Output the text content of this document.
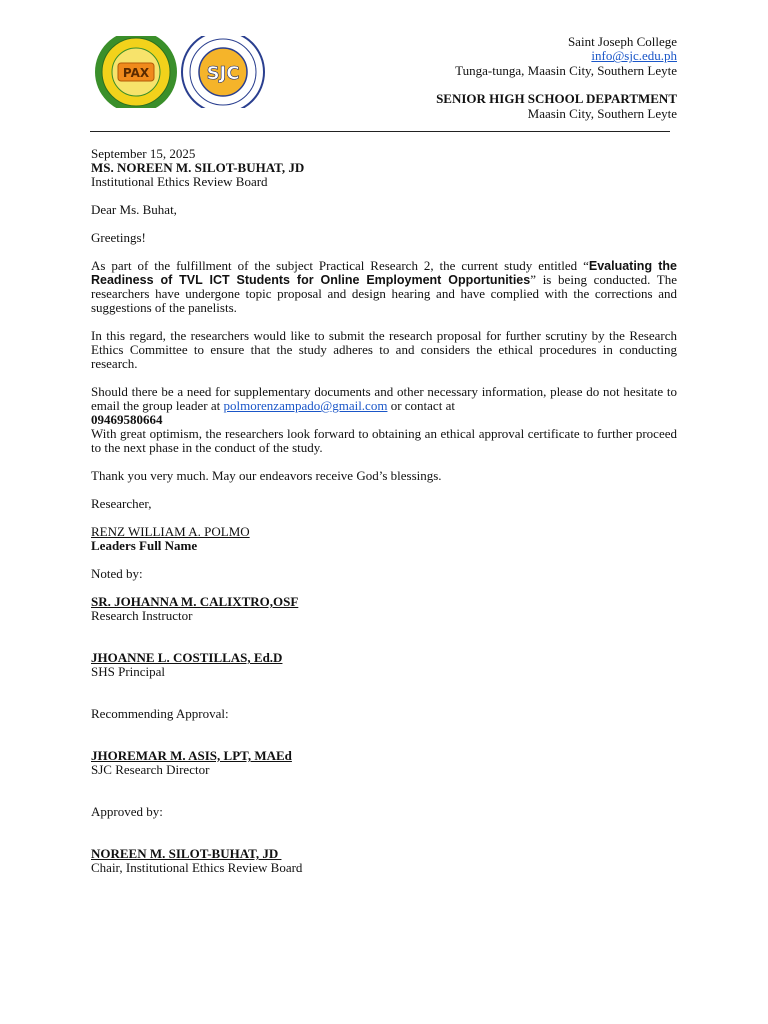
PAX	SJC
Saint Joseph College
info@sjc.edu.ph
Tunga-tunga, Maasin City, Southern Leyte
SENIOR HIGH SCHOOL DEPARTMENT
Maasin City, Southern Leyte

September 15, 2025

MS. NOREEN M. SILOT-BUHAT, JD

Institutional Ethics Review Board

Dear Ms. Buhat,

Greetings!

As part of the fulfillment of the subject Practical Research 2, the current study entitled “Evaluating the Readiness of TVL ICT Students for Online Employment Opportunities” is being conducted. The researchers have undergone topic proposal and design hearing and have complied with the corrections and suggestions of the panelists.

In this regard, the researchers would like to submit the research proposal for further scrutiny by the Research Ethics Committee to ensure that the study adheres to and considers the ethical procedures in conducting research.

Should there be a need for supplementary documents and other necessary information, please do not hesitate to email the group leader at polmorenzampado@gmail.com or contact at

09469580664

With great optimism, the researchers look forward to obtaining an ethical approval certificate to further proceed to the next phase in the conduct of the study.

Thank you very much. May our endeavors receive God’s blessings.

Researcher,

RENZ WILLIAM A. POLMO

Leaders Full Name

Noted by:

SR. JOHANNA M. CALIXTRO,OSF

Research Instructor

JHOANNE L. COSTILLAS, Ed.D

SHS Principal

Recommending Approval:

JHOREMAR M. ASIS, LPT, MAEd

SJC Research Director

Approved by:

NOREEN M. SILOT-BUHAT, JD

Chair, Institutional Ethics Review Board
